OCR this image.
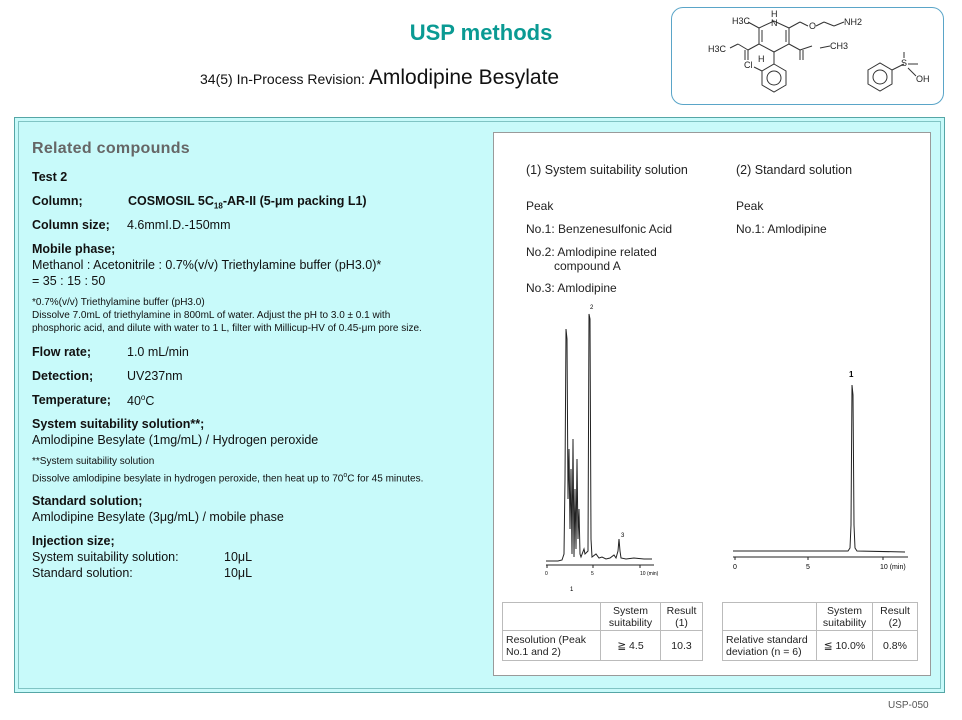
USP methods
34(5) In-Process Revision: Amlodipine Besylate
H
N
H3C	O	NH2
H3C	CH3
Cl
H	S
OH
Related compounds
Test 2
Column;	COSMOSIL $5C_{18}-AR-II$ (5-μm packing L1)
Column size; 4.6mmI.D.-150mm
Mobile phase;
Methanol : Acetonitrile : 0.7%(v/v) Triethylamine buffer (pH3.0)*
= 35 : 15 : 50
*0.7%(v/v) Triethylamine buffer (pH3.0)
Dissolve 7.0mL of triethylamine in 800mL of water. Adjust the pH to 3.0 ± 0.1 with
phosphoric acid, and dilute with water to 1 L, filter with Millicup-HV of 0.45-μm pore size.
Flow rate;	1.0 mL/min
Detection;	UV237nm
Temperature; 40$^o$C
System suitability solution**;
Amlodipine Besylate (1mg/mL) / Hydrogen peroxide
**System suitability solution
Dissolve amlodipine besylate in hydrogen peroxide, then heat up to 70$^o$C for 45 minutes.
Standard solution;
Amlodipine Besylate (3μg/mL) / mobile phase
Injection size;
System suitability solution:	10μL
Standard solution:	10μL
(1) System suitability solution	(2) Standard solution
Peak
No.1: Benzenesulfonic Acid
No.2: Amlodipine related
compound A
No.3: Amlodipine
Peak
No.1: Amlodipine
0	5	10 (min)
1
2
3
0	5	10 (min)
1
	System suitability	Result (1)
Resolution (Peak No.1 and 2)	≧ 4.5	10.3
	System suitability	Result (2)
Relative standard deviation (n = 6)	≦ 10.0%	0.8%
USP-050
